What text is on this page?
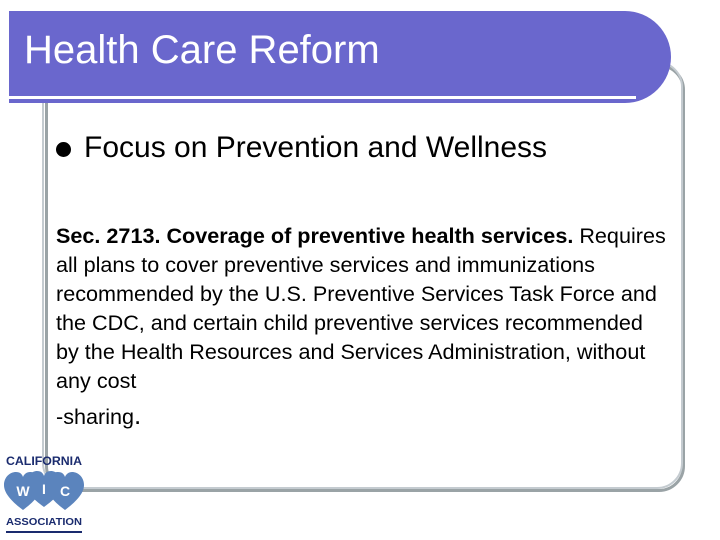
Health Care Reform
Focus on Prevention and Wellness
Sec. 2713. Coverage of preventive health services. Requires all plans to cover preventive services and immunizations recommended by the U.S. Preventive Services Task Force and the CDC, and certain child preventive services recommended by the Health Resources and Services Administration, without any cost
-sharing.
CALIFORNIA
W I C
ASSOCIATION
